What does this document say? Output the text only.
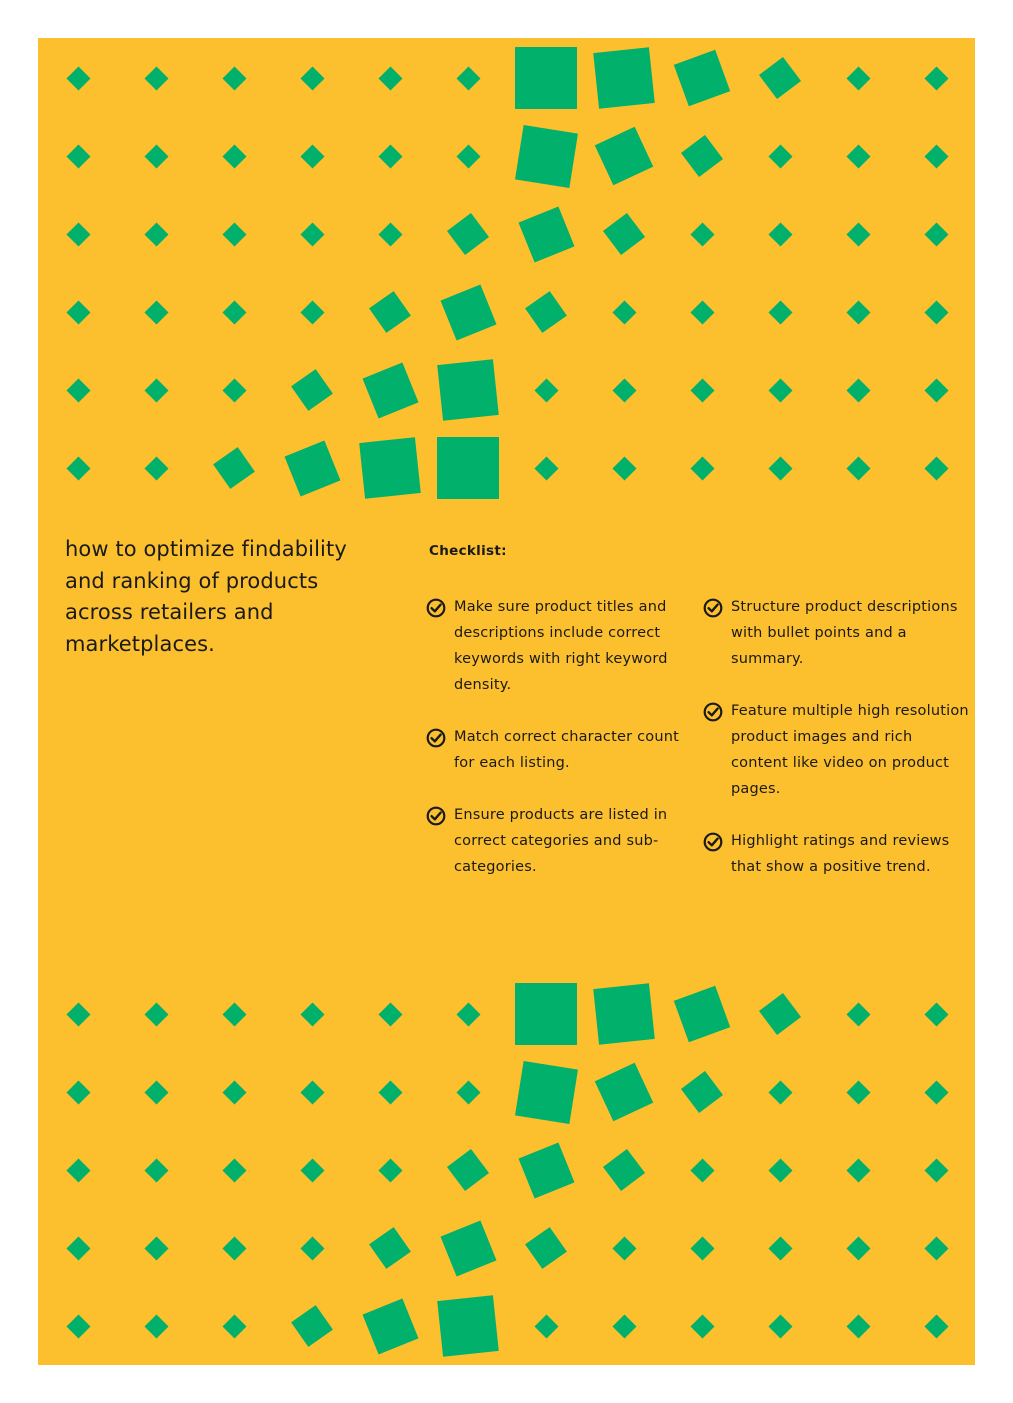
how to optimize findability and ranking of products across retailers and marketplaces.
Checklist:
Make sure product titles and descriptions include correct keywords with right keyword density.
Match correct character count for each listing.
Ensure products are listed in correct categories and sub-categories.
Structure product descriptions with bullet points and a summary.
Feature multiple high resolution product images and rich content like video on product pages.
Highlight ratings and reviews that show a positive trend.
